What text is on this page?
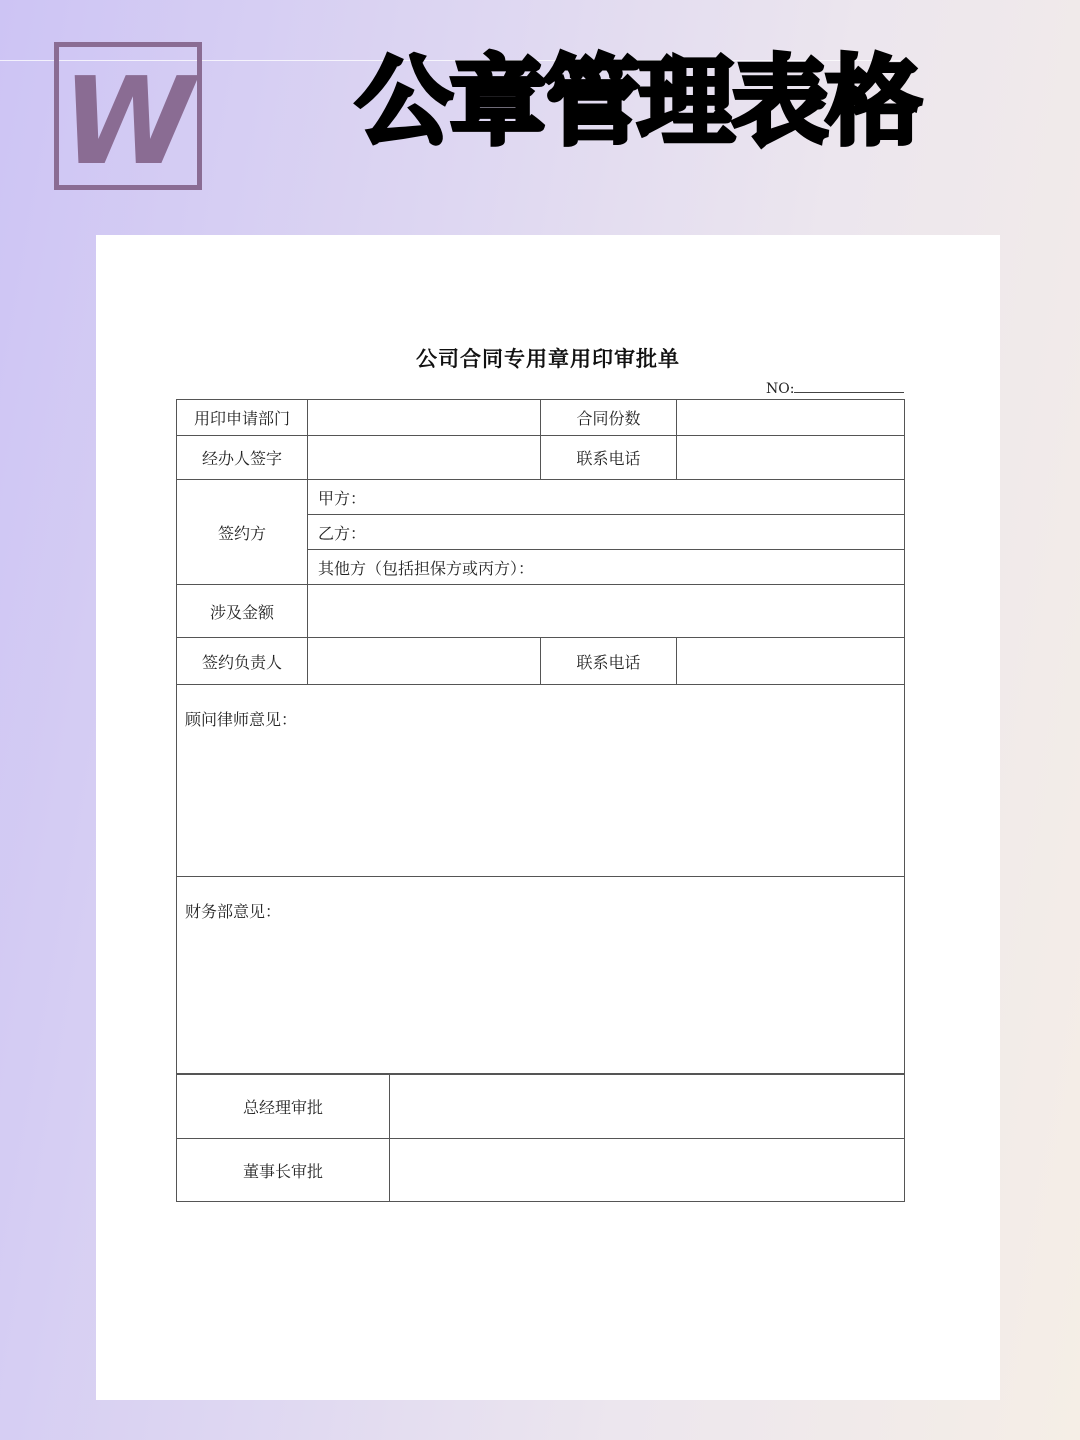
W 公章管理表格
公司合同专用章用印审批单
NO:
用印申请部门		合同份数	
经办人签字		联系电话	
签约方	甲方：		
	乙方：		
	其他方（包括担保方或丙方）：		
涉及金额			
签约负责人		联系电话	
顾问律师意见：			
财务部意见：			
总经理审批	
董事长审批	
